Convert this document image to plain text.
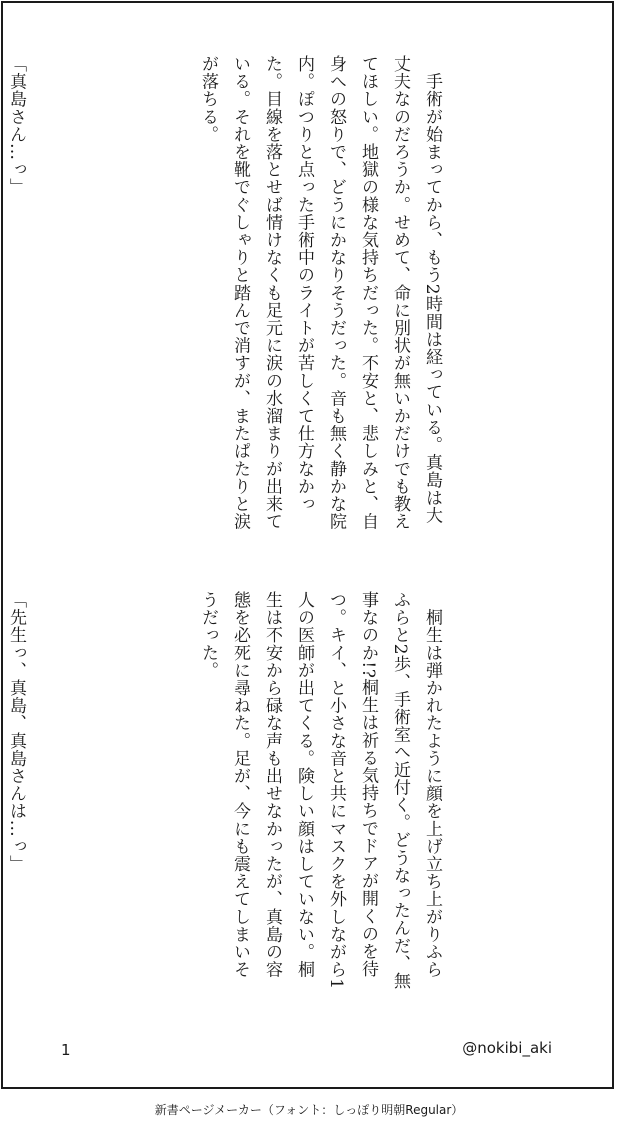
　手術が始まってから、もう2時間は経っている。真島は大丈夫なのだろうか。せめて、命に別状が無いかだけでも教えてほしい。地獄の様な気持ちだった。不安と、悲しみと、自身への怒りで、どうにかなりそうだった。音も無く静かな院内。ぽつりと点った手術中のライトが苦しくて仕方なかった。目線を落とせば情けなくも足元に涙の水溜まりが出来ている。それを靴でぐしゃりと踏んで消すが、またぱたりと涙が落ちる。

「真島さん…っ」

　桐生は弾かれたように顔を上げ立ち上がりふらふらと2歩、手術室へ近付く。どうなったんだ、無事なのか!?桐生は祈る気持ちでドアが開くのを待つ。キイ、と小さな音と共にマスクを外しながら1人の医師が出てくる。険しい顔はしていない。桐生は不安から碌な声も出せなかったが、真島の容態を必死に尋ねた。足が、今にも震えてしまいそうだった。

「先生っ、真島、真島さんは…っ」

1	@nokibi_aki
新書ページメーカー（フォント：しっぽり明朝Regular）
